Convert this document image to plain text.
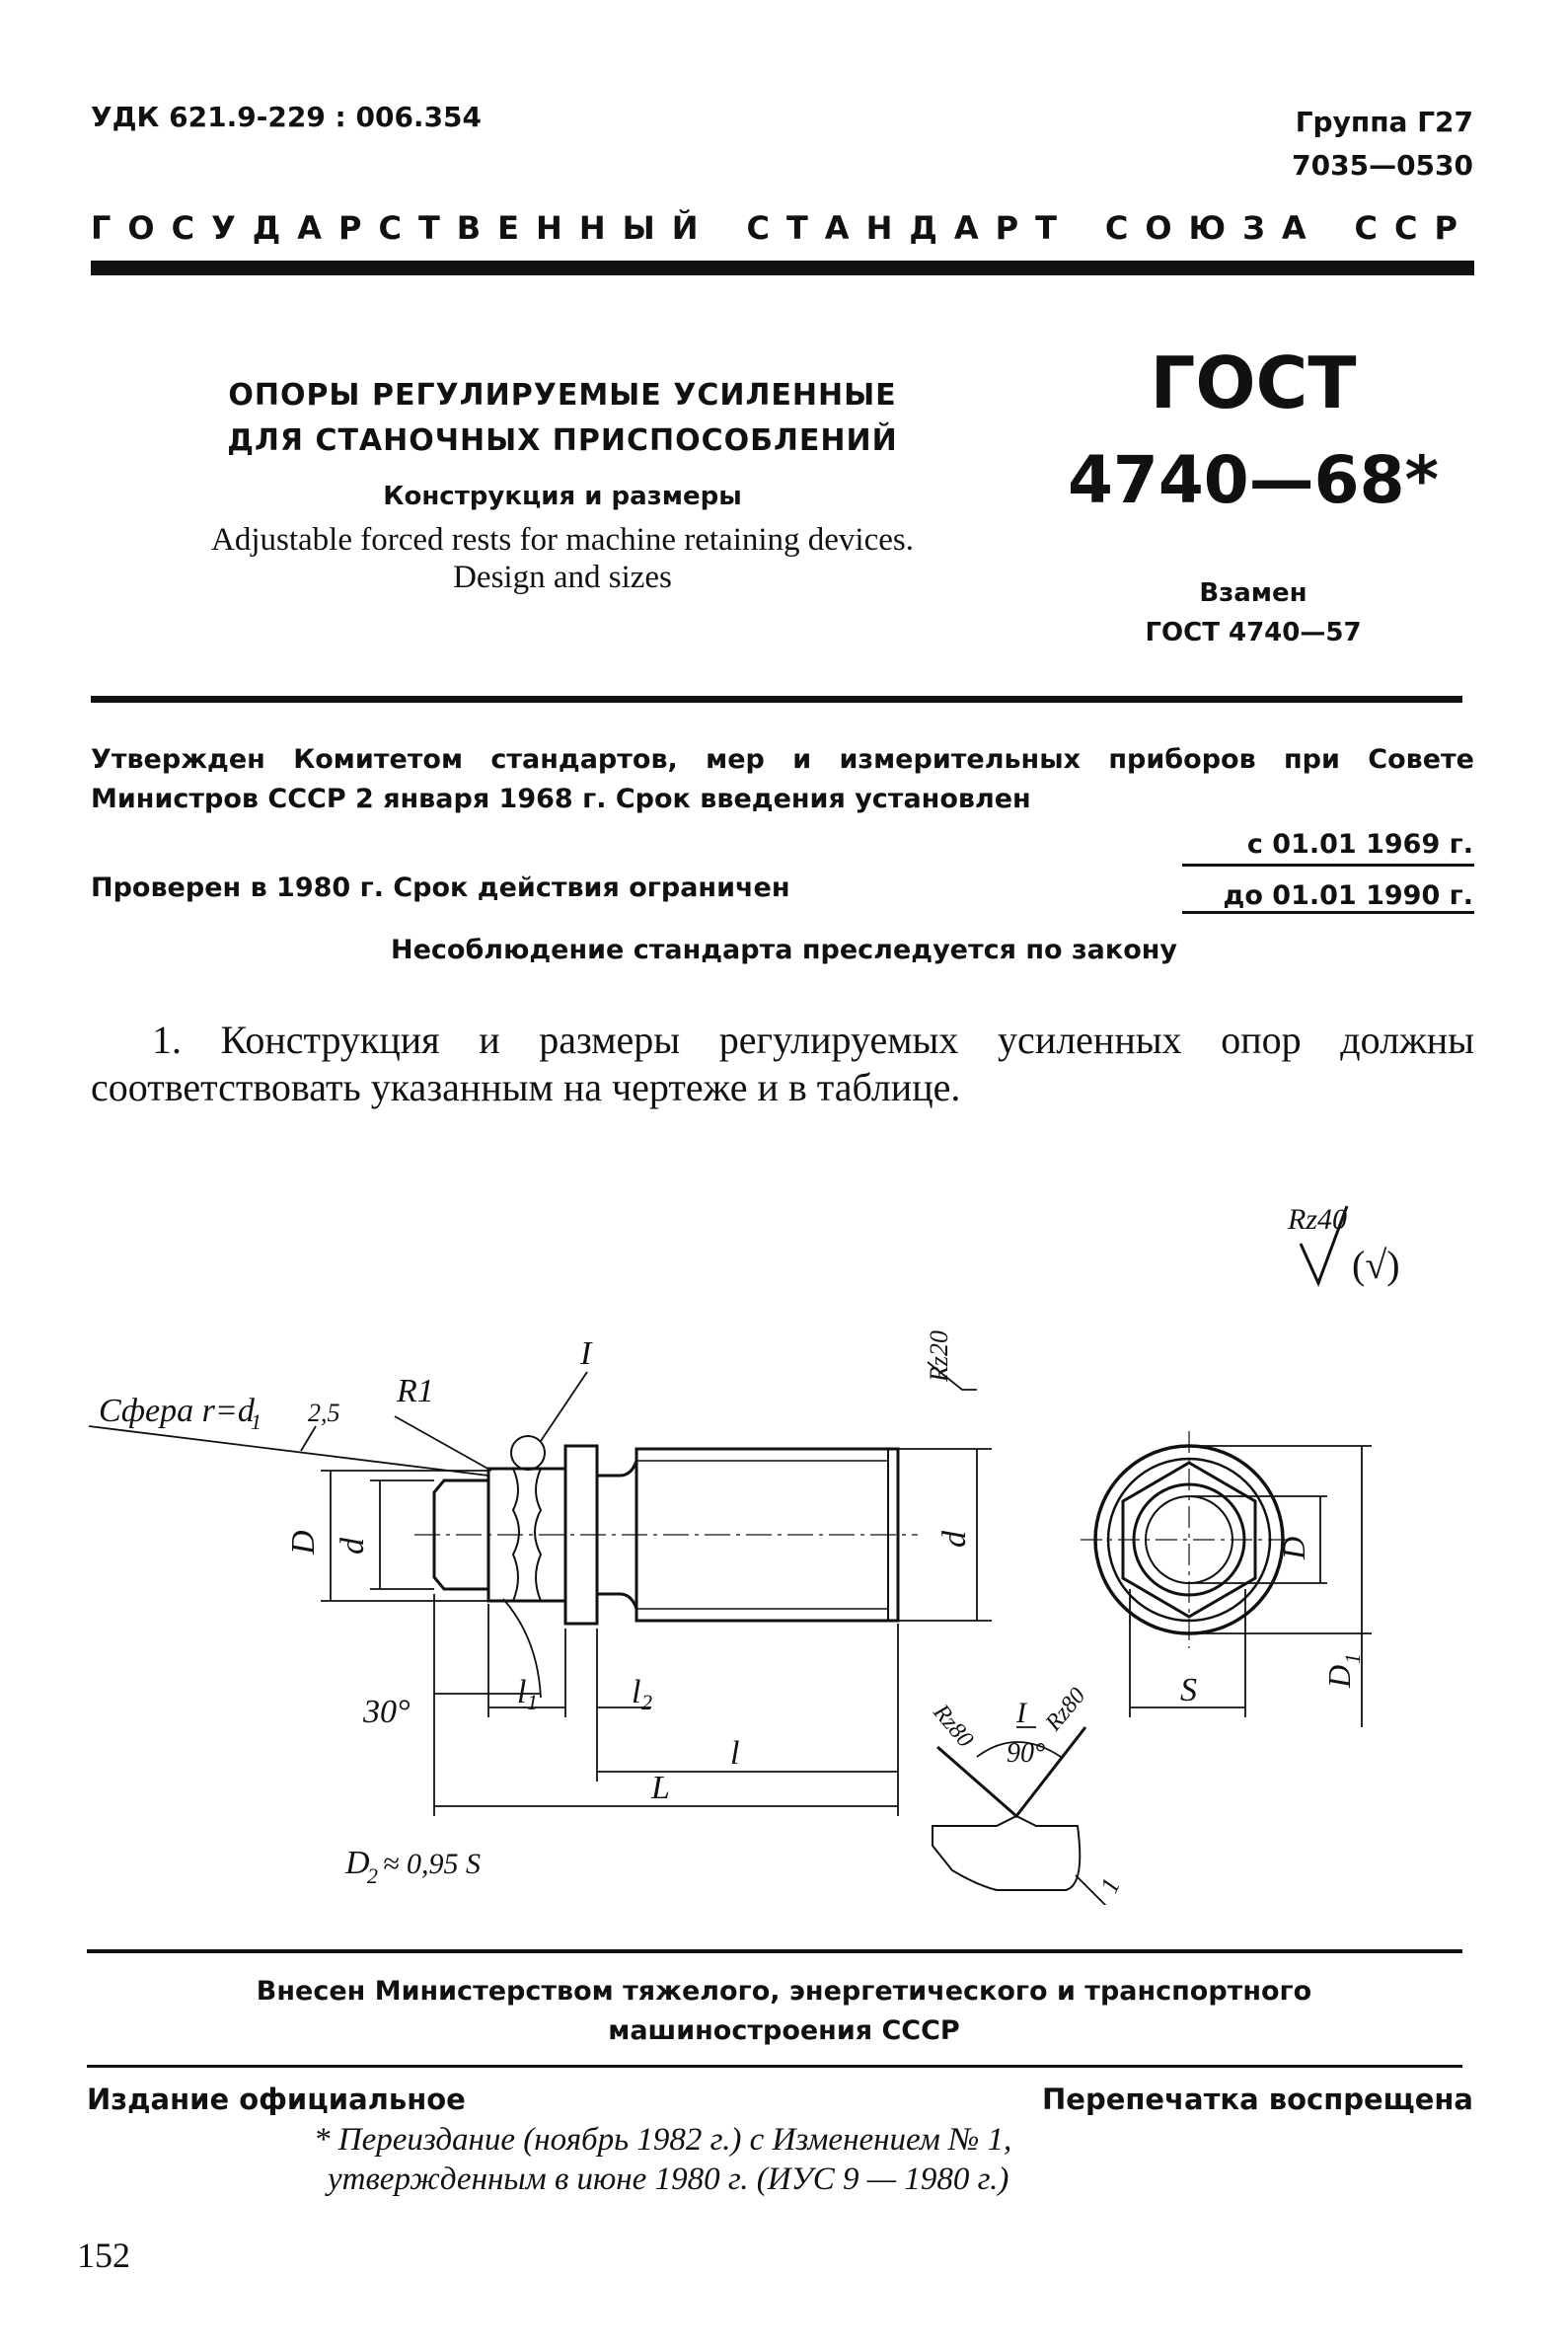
УДК 621.9-229 : 006.354	Группа Г27
7035—0530
ГОСУДАРСТВЕННЫЙ СТАНДАРТ СОЮЗА ССР
ОПОРЫ РЕГУЛИРУЕМЫЕ УСИЛЕННЫЕ
ДЛЯ СТАНОЧНЫХ ПРИСПОСОБЛЕНИЙ
Конструкция и размеры
Adjustable forced rests for machine retaining devices.
Design and sizes
ГОСТ
4740—68*
Взамен
ГОСТ 4740—57
Утвержден Комитетом стандартов, мер и измерительных приборов при Совете Министров СССР 2 января 1968 г. Срок введения установлен
с 01.01 1969 г.
до 01.01 1990 г.
Проверен в 1980 г. Срок действия ограничен
Несоблюдение стандарта преследуется по закону
1. Конструкция и размеры регулируемых усиленных опор должны соответствовать указанным на чертеже и в таблице.
Rz40
(√)
Сфера r=d
1 2,5
R1
I	Rz20
D d	d
30°
l 1	l 2
l
L
D
2 ≈ 0,95 S
I
90°
Rz80	Rz80
1
S
D
D
1
Внесен Министерством тяжелого, энергетического и транспортного
машиностроения СССР
Издание официальное	Перепечатка воспрещена
* Переиздание (ноябрь 1982 г.) с Изменением № 1,
утвержденным в июне 1980 г. (ИУС 9 — 1980 г.)
152
